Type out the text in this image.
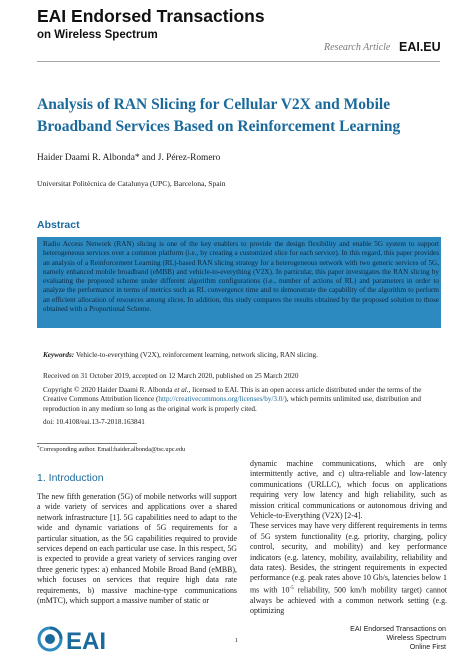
EAI Endorsed Transactions
on Wireless Spectrum
Research Article EAI.EU
Analysis of RAN Slicing for Cellular V2X and Mobile Broadband Services Based on Reinforcement Learning
Haider Daami R. Albonda* and J. Pérez-Romero
Universitat Politècnica de Catalunya (UPC), Barcelona, Spain
Abstract
Radio Access Network (RAN) slicing is one of the key enablers to provide the design flexibility and enable 5G system to support heterogeneous services over a common platform (i.e., by creating a customized slice for each service). In this regard, this paper provides an analysis of a Reinforcement Learning (RL)-based RAN slicing strategy for a heterogeneous network with two generic services of 5G, namely enhanced mobile broadband (eMBB) and vehicle-to-everything (V2X). In particular, this paper investigates the RAN slicing by evaluating the proposed scheme under different algorithm configurations (i.e., number of actions of RL) and parameters in order to analyze the performance in terms of metrics such as RL convergence time and to demonstrate the capability of the algorithm to perform an efficient allocation of resources among slices. In addition, this study compares the results obtained by the proposed solution to those obtained with a Proportional Scheme.
Keywords: Vehicle-to-everything (V2X), reinforcement learning, network slicing, RAN slicing.
Received on 31 October 2019, accepted on 12 March 2020, published on 25 March 2020
Copyright © 2020 Haider Daami R. Albonda et al., licensed to EAI. This is an open access article distributed under the terms of the Creative Commons Attribution licence (http://creativecommons.org/licenses/by/3.0/), which permits unlimited use, distribution and reproduction in any medium so long as the original work is properly cited.
doi: 10.4108/eai.13-7-2018.163841
*Corresponding author. Email:haider.albonda@tsc.upc.edu
1. Introduction
The new fifth generation (5G) of mobile networks will support a wide variety of services and applications over a shared network infrastructure [1]. 5G capabilities need to adapt to the wide and dynamic variations of 5G requirements for a particular situation, as the 5G capabilities required to provide services depend on each particular use case. In this respect, 5G is expected to provide a great variety of services ranging over three generic types: a) enhanced Mobile Broad Band (eMBB), which focuses on services that require high data rate requirements, b) massive machine-type communications (mMTC), which support a massive number of static or
dynamic machine communications, which are only intermittently active, and c) ultra-reliable and low-latency communications (URLLC), which focus on applications requiring very low latency and high reliability, such as mission critical communications or autonomous driving and Vehicle-to-Everything (V2X) [2-4].
These services may have very different requirements in terms of 5G system functionality (e.g. priority, charging, policy control, security, and mobility) and key performance indicators (e.g. latency, mobility, availability, reliability and data rates). Besides, the stringent requirements in expected performance (e.g. peak rates above 10 Gb/s, latencies below 1 ms with $10^{-5}$ reliability, 500 km/h mobility target) cannot always be achieved with a common network setting (e.g. optimizing
EAI	1
EAI Endorsed Transactions on
Wireless Spectrum
Online First
